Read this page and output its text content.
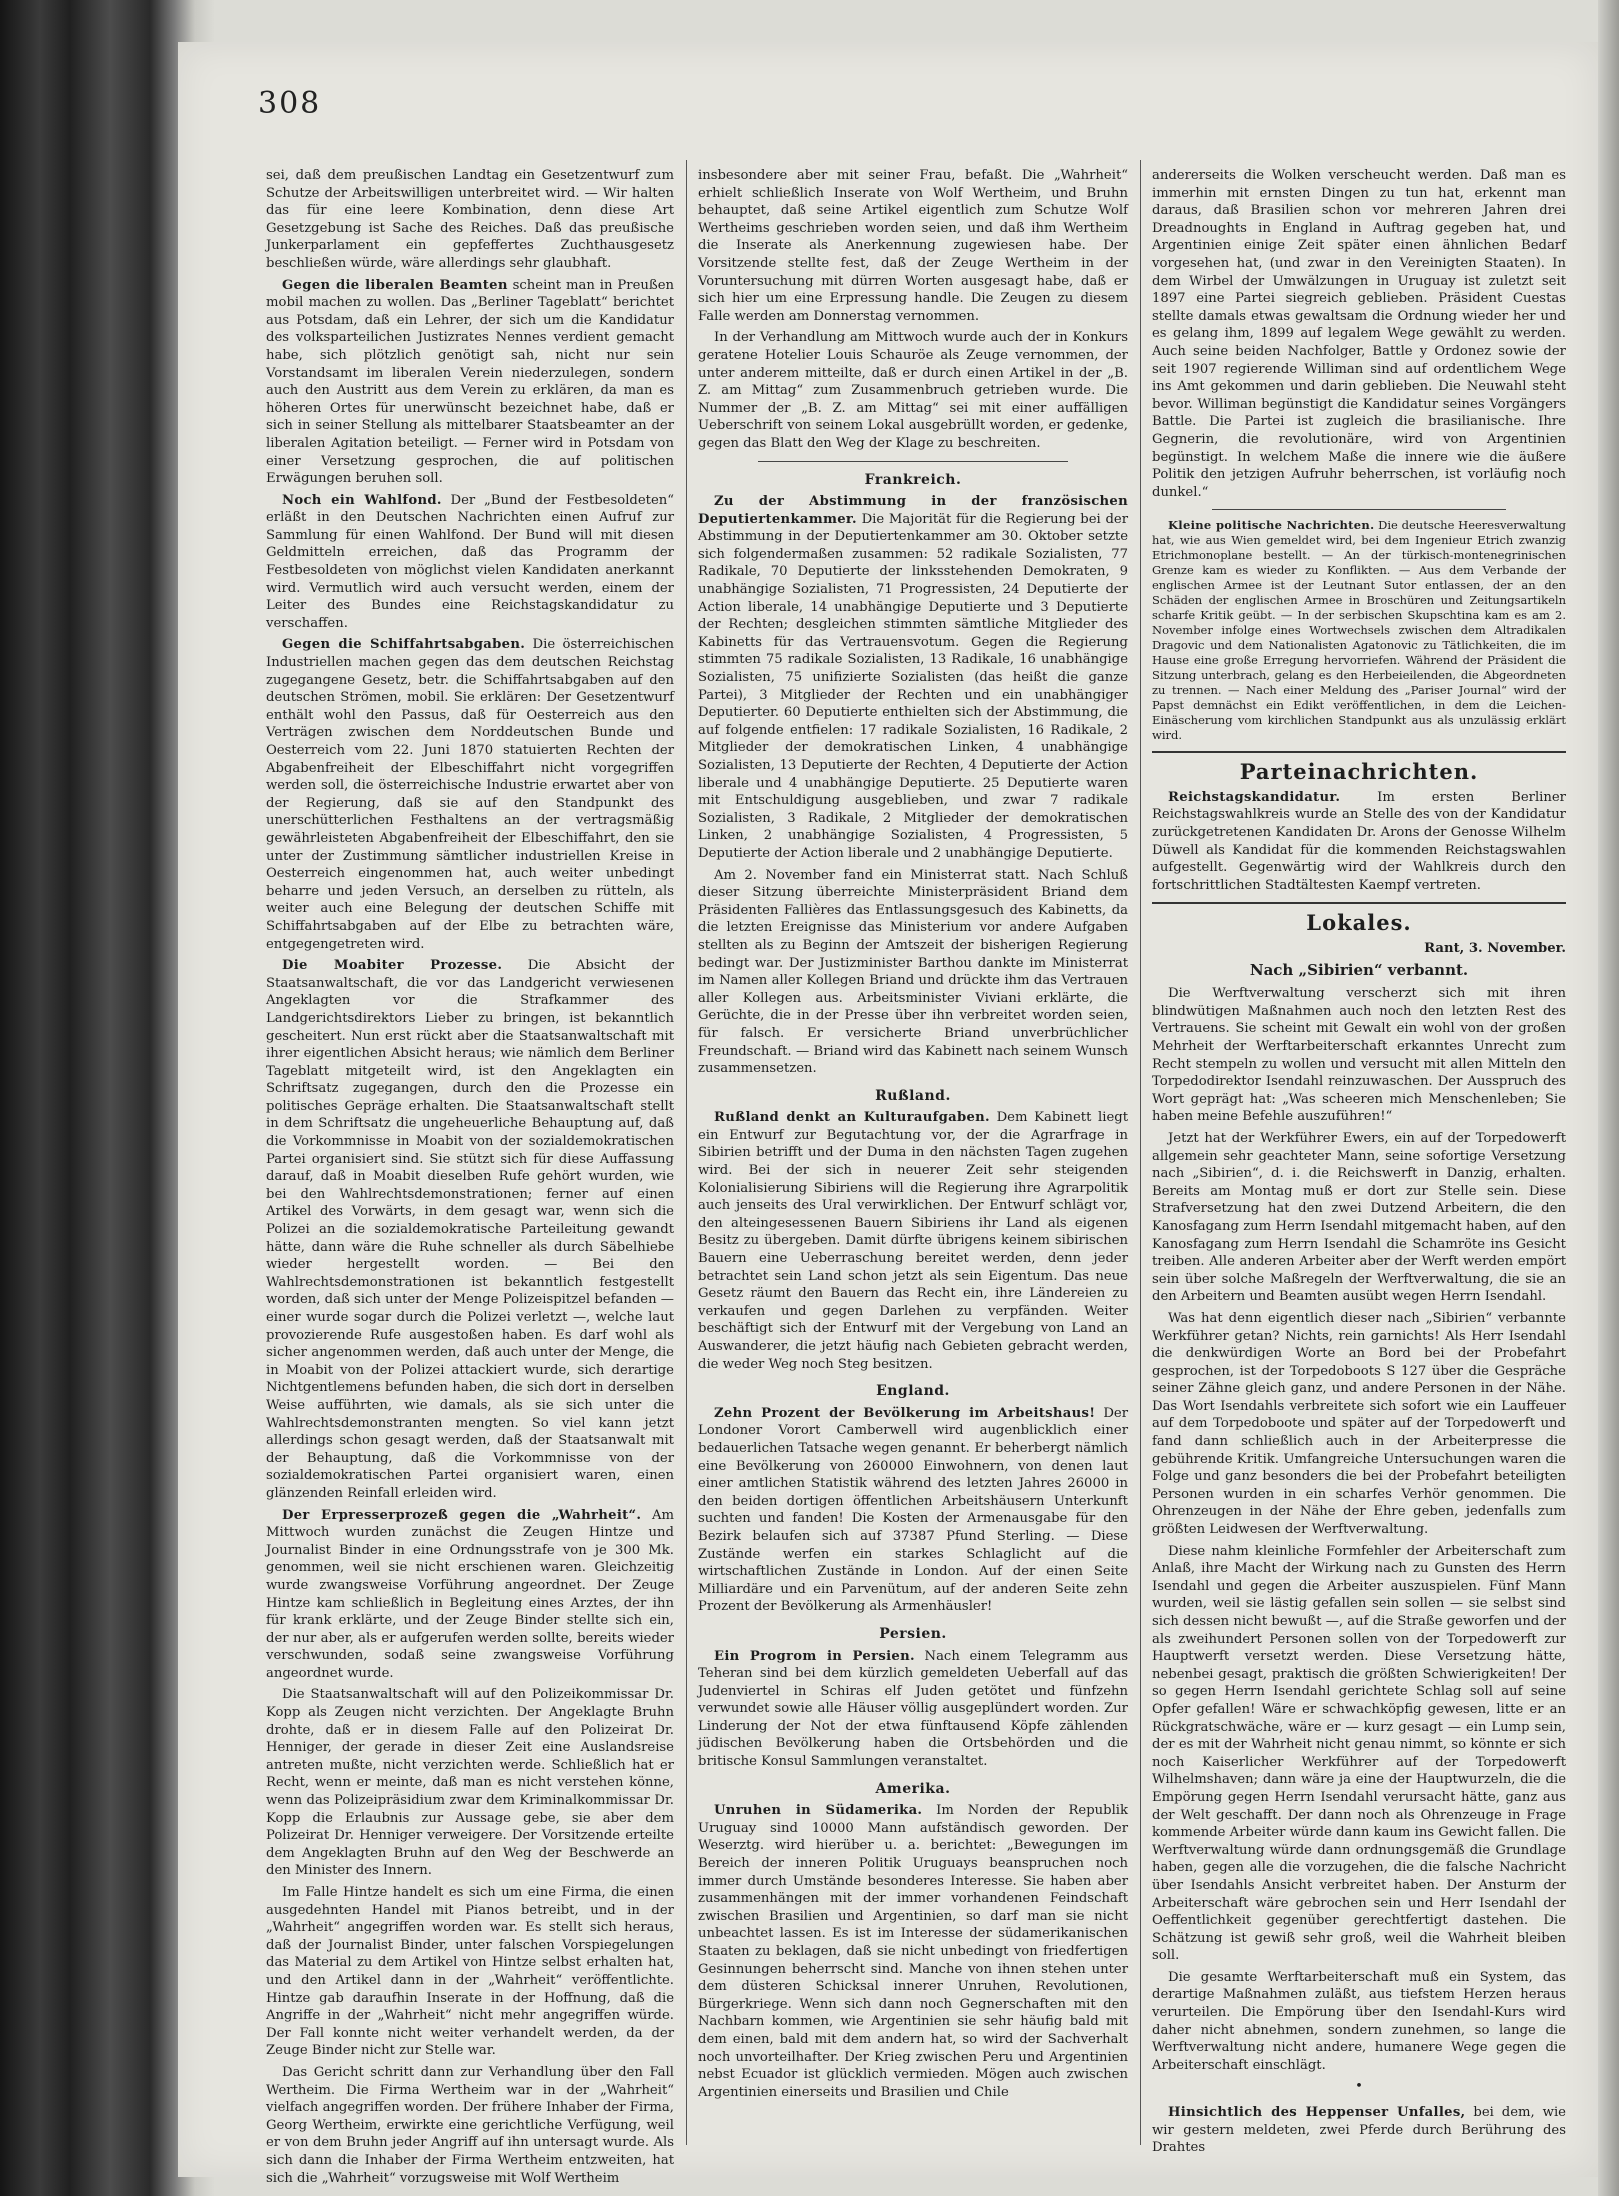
308

sei, daß dem preußischen Landtag ein Gesetzentwurf zum Schutze der Arbeitswilligen unterbreitet wird. — Wir halten das für eine leere Kombination, denn diese Art Gesetzgebung ist Sache des Reiches. Daß das preußische Junkerparlament ein gepfeffertes Zuchthausgesetz beschließen würde, wäre allerdings sehr glaubhaft.

Gegen die liberalen Beamten scheint man in Preußen mobil machen zu wollen. Das „Berliner Tageblatt“ berichtet aus Potsdam, daß ein Lehrer, der sich um die Kandidatur des volksparteilichen Justizrates Nennes verdient gemacht habe, sich plötzlich genötigt sah, nicht nur sein Vorstandsamt im liberalen Verein niederzulegen, sondern auch den Austritt aus dem Verein zu erklären, da man es höheren Ortes für unerwünscht bezeichnet habe, daß er sich in seiner Stellung als mittelbarer Staatsbeamter an der liberalen Agitation beteiligt. — Ferner wird in Potsdam von einer Versetzung gesprochen, die auf politischen Erwägungen beruhen soll.

Noch ein Wahlfond. Der „Bund der Festbesoldeten“ erläßt in den Deutschen Nachrichten einen Aufruf zur Sammlung für einen Wahlfond. Der Bund will mit diesen Geldmitteln erreichen, daß das Programm der Festbesoldeten von möglichst vielen Kandidaten anerkannt wird. Vermutlich wird auch versucht werden, einem der Leiter des Bundes eine Reichstagskandidatur zu verschaffen.

Gegen die Schiffahrtsabgaben. Die österreichischen Industriellen machen gegen das dem deutschen Reichstag zugegangene Gesetz, betr. die Schiffahrtsabgaben auf den deutschen Strömen, mobil. Sie erklären: Der Gesetzentwurf enthält wohl den Passus, daß für Oesterreich aus den Verträgen zwischen dem Norddeutschen Bunde und Oesterreich vom 22. Juni 1870 statuierten Rechten der Abgabenfreiheit der Elbeschiffahrt nicht vorgegriffen werden soll, die österreichische Industrie erwartet aber von der Regierung, daß sie auf den Standpunkt des unerschütterlichen Festhaltens an der vertragsmäßig gewährleisteten Abgabenfreiheit der Elbeschiffahrt, den sie unter der Zustimmung sämtlicher industriellen Kreise in Oesterreich eingenommen hat, auch weiter unbedingt beharre und jeden Versuch, an derselben zu rütteln, als weiter auch eine Belegung der deutschen Schiffe mit Schiffahrtsabgaben auf der Elbe zu betrachten wäre, entgegengetreten wird.

Die Moabiter Prozesse. Die Absicht der Staatsanwaltschaft, die vor das Landgericht verwiesenen Angeklagten vor die Strafkammer des Landgerichtsdirektors Lieber zu bringen, ist bekanntlich gescheitert. Nun erst rückt aber die Staatsanwaltschaft mit ihrer eigentlichen Absicht heraus; wie nämlich dem Berliner Tageblatt mitgeteilt wird, ist den Angeklagten ein Schriftsatz zugegangen, durch den die Prozesse ein politisches Gepräge erhalten. Die Staatsanwaltschaft stellt in dem Schriftsatz die ungeheuerliche Behauptung auf, daß die Vorkommnisse in Moabit von der sozialdemokratischen Partei organisiert sind. Sie stützt sich für diese Auffassung darauf, daß in Moabit dieselben Rufe gehört wurden, wie bei den Wahlrechtsdemonstrationen; ferner auf einen Artikel des Vorwärts, in dem gesagt war, wenn sich die Polizei an die sozialdemokratische Parteileitung gewandt hätte, dann wäre die Ruhe schneller als durch Säbelhiebe wieder hergestellt worden. — Bei den Wahlrechtsdemonstrationen ist bekanntlich festgestellt worden, daß sich unter der Menge Polizeispitzel befanden — einer wurde sogar durch die Polizei verletzt —, welche laut provozierende Rufe ausgestoßen haben. Es darf wohl als sicher angenommen werden, daß auch unter der Menge, die in Moabit von der Polizei attackiert wurde, sich derartige Nichtgentlemens befunden haben, die sich dort in derselben Weise aufführten, wie damals, als sie sich unter die Wahlrechtsdemonstranten mengten. So viel kann jetzt allerdings schon gesagt werden, daß der Staatsanwalt mit der Behauptung, daß die Vorkommnisse von der sozialdemokratischen Partei organisiert waren, einen glänzenden Reinfall erleiden wird.

Der Erpresserprozeß gegen die „Wahrheit“. Am Mittwoch wurden zunächst die Zeugen Hintze und Journalist Binder in eine Ordnungsstrafe von je 300 Mk. genommen, weil sie nicht erschienen waren. Gleichzeitig wurde zwangsweise Vorführung angeordnet. Der Zeuge Hintze kam schließlich in Begleitung eines Arztes, der ihn für krank erklärte, und der Zeuge Binder stellte sich ein, der nur aber, als er aufgerufen werden sollte, bereits wieder verschwunden, sodaß seine zwangsweise Vorführung angeordnet wurde.

Die Staatsanwaltschaft will auf den Polizeikommissar Dr. Kopp als Zeugen nicht verzichten. Der Angeklagte Bruhn drohte, daß er in diesem Falle auf den Polizeirat Dr. Henniger, der gerade in dieser Zeit eine Auslandsreise antreten mußte, nicht verzichten werde. Schließlich hat er Recht, wenn er meinte, daß man es nicht verstehen könne, wenn das Polizeipräsidium zwar dem Kriminalkommissar Dr. Kopp die Erlaubnis zur Aussage gebe, sie aber dem Polizeirat Dr. Henniger verweigere. Der Vorsitzende erteilte dem Angeklagten Bruhn auf den Weg der Beschwerde an den Minister des Innern.

Im Falle Hintze handelt es sich um eine Firma, die einen ausgedehnten Handel mit Pianos betreibt, und in der „Wahrheit“ angegriffen worden war. Es stellt sich heraus, daß der Journalist Binder, unter falschen Vorspiegelungen das Material zu dem Artikel von Hintze selbst erhalten hat, und den Artikel dann in der „Wahrheit“ veröffentlichte. Hintze gab daraufhin Inserate in der Hoffnung, daß die Angriffe in der „Wahrheit“ nicht mehr angegriffen würde. Der Fall konnte nicht weiter verhandelt werden, da der Zeuge Binder nicht zur Stelle war.

Das Gericht schritt dann zur Verhandlung über den Fall Wertheim. Die Firma Wertheim war in der „Wahrheit“ vielfach angegriffen worden. Der frühere Inhaber der Firma, Georg Wertheim, erwirkte eine gerichtliche Verfügung, weil er von dem Bruhn jeder Angriff auf ihn untersagt wurde. Als sich dann die Inhaber der Firma Wertheim entzweiten, hat sich die „Wahrheit“ vorzugsweise mit Wolf Wertheim

insbesondere aber mit seiner Frau, befaßt. Die „Wahrheit“ erhielt schließlich Inserate von Wolf Wertheim, und Bruhn behauptet, daß seine Artikel eigentlich zum Schutze Wolf Wertheims geschrieben worden seien, und daß ihm Wertheim die Inserate als Anerkennung zugewiesen habe. Der Vorsitzende stellte fest, daß der Zeuge Wertheim in der Voruntersuchung mit dürren Worten ausgesagt habe, daß er sich hier um eine Erpressung handle. Die Zeugen zu diesem Falle werden am Donnerstag vernommen.

In der Verhandlung am Mittwoch wurde auch der in Konkurs geratene Hotelier Louis Schauröe als Zeuge vernommen, der unter anderem mitteilte, daß er durch einen Artikel in der „B. Z. am Mittag“ zum Zusammenbruch getrieben wurde. Die Nummer der „B. Z. am Mittag“ sei mit einer auffälligen Ueberschrift von seinem Lokal ausgebrüllt worden, er gedenke, gegen das Blatt den Weg der Klage zu beschreiten.

Frankreich.

Zu der Abstimmung in der französischen Deputiertenkammer. Die Majorität für die Regierung bei der Abstimmung in der Deputiertenkammer am 30. Oktober setzte sich folgendermaßen zusammen: 52 radikale Sozialisten, 77 Radikale, 70 Deputierte der linksstehenden Demokraten, 9 unabhängige Sozialisten, 71 Progressisten, 24 Deputierte der Action liberale, 14 unabhängige Deputierte und 3 Deputierte der Rechten; desgleichen stimmten sämtliche Mitglieder des Kabinetts für das Vertrauensvotum. Gegen die Regierung stimmten 75 radikale Sozialisten, 13 Radikale, 16 unabhängige Sozialisten, 75 unifizierte Sozialisten (das heißt die ganze Partei), 3 Mitglieder der Rechten und ein unabhängiger Deputierter. 60 Deputierte enthielten sich der Abstimmung, die auf folgende entfielen: 17 radikale Sozialisten, 16 Radikale, 2 Mitglieder der demokratischen Linken, 4 unabhängige Sozialisten, 13 Deputierte der Rechten, 4 Deputierte der Action liberale und 4 unabhängige Deputierte. 25 Deputierte waren mit Entschuldigung ausgeblieben, und zwar 7 radikale Sozialisten, 3 Radikale, 2 Mitglieder der demokratischen Linken, 2 unabhängige Sozialisten, 4 Progressisten, 5 Deputierte der Action liberale und 2 unabhängige Deputierte.

Am 2. November fand ein Ministerrat statt. Nach Schluß dieser Sitzung überreichte Ministerpräsident Briand dem Präsidenten Fallières das Entlassungsgesuch des Kabinetts, da die letzten Ereignisse das Ministerium vor andere Aufgaben stellten als zu Beginn der Amtszeit der bisherigen Regierung bedingt war. Der Justizminister Barthou dankte im Ministerrat im Namen aller Kollegen Briand und drückte ihm das Vertrauen aller Kollegen aus. Arbeitsminister Viviani erklärte, die Gerüchte, die in der Presse über ihn verbreitet worden seien, für falsch. Er versicherte Briand unverbrüchlicher Freundschaft. — Briand wird das Kabinett nach seinem Wunsch zusammensetzen.

Rußland.

Rußland denkt an Kulturaufgaben. Dem Kabinett liegt ein Entwurf zur Begutachtung vor, der die Agrarfrage in Sibirien betrifft und der Duma in den nächsten Tagen zugehen wird. Bei der sich in neuerer Zeit sehr steigenden Kolonialisierung Sibiriens will die Regierung ihre Agrarpolitik auch jenseits des Ural verwirklichen. Der Entwurf schlägt vor, den alteingesessenen Bauern Sibiriens ihr Land als eigenen Besitz zu übergeben. Damit dürfte übrigens keinem sibirischen Bauern eine Ueberraschung bereitet werden, denn jeder betrachtet sein Land schon jetzt als sein Eigentum. Das neue Gesetz räumt den Bauern das Recht ein, ihre Ländereien zu verkaufen und gegen Darlehen zu verpfänden. Weiter beschäftigt sich der Entwurf mit der Vergebung von Land an Auswanderer, die jetzt häufig nach Gebieten gebracht werden, die weder Weg noch Steg besitzen.

England.

Zehn Prozent der Bevölkerung im Arbeitshaus! Der Londoner Vorort Camberwell wird augenblicklich einer bedauerlichen Tatsache wegen genannt. Er beherbergt nämlich eine Bevölkerung von 260000 Einwohnern, von denen laut einer amtlichen Statistik während des letzten Jahres 26000 in den beiden dortigen öffentlichen Arbeitshäusern Unterkunft suchten und fanden! Die Kosten der Armenausgabe für den Bezirk belaufen sich auf 37387 Pfund Sterling. — Diese Zustände werfen ein starkes Schlaglicht auf die wirtschaftlichen Zustände in London. Auf der einen Seite Milliardäre und ein Parvenütum, auf der anderen Seite zehn Prozent der Bevölkerung als Armenhäusler!

Persien.

Ein Progrom in Persien. Nach einem Telegramm aus Teheran sind bei dem kürzlich gemeldeten Ueberfall auf das Judenviertel in Schiras elf Juden getötet und fünfzehn verwundet sowie alle Häuser völlig ausgeplündert worden. Zur Linderung der Not der etwa fünftausend Köpfe zählenden jüdischen Bevölkerung haben die Ortsbehörden und die britische Konsul Sammlungen veranstaltet.

Amerika.

Unruhen in Südamerika. Im Norden der Republik Uruguay sind 10000 Mann aufständisch geworden. Der Weserztg. wird hierüber u. a. berichtet: „Bewegungen im Bereich der inneren Politik Uruguays beanspruchen noch immer durch Umstände besonderes Interesse. Sie haben aber zusammenhängen mit der immer vorhandenen Feindschaft zwischen Brasilien und Argentinien, so darf man sie nicht unbeachtet lassen. Es ist im Interesse der südamerikanischen Staaten zu beklagen, daß sie nicht unbedingt von friedfertigen Gesinnungen beherrscht sind. Manche von ihnen stehen unter dem düsteren Schicksal innerer Unruhen, Revolutionen, Bürgerkriege. Wenn sich dann noch Gegnerschaften mit den Nachbarn kommen, wie Argentinien sie sehr häufig bald mit dem einen, bald mit dem andern hat, so wird der Sachverhalt noch unvorteilhafter. Der Krieg zwischen Peru und Argentinien nebst Ecuador ist glücklich vermieden. Mögen auch zwischen Argentinien einerseits und Brasilien und Chile

andererseits die Wolken verscheucht werden. Daß man es immerhin mit ernsten Dingen zu tun hat, erkennt man daraus, daß Brasilien schon vor mehreren Jahren drei Dreadnoughts in England in Auftrag gegeben hat, und Argentinien einige Zeit später einen ähnlichen Bedarf vorgesehen hat, (und zwar in den Vereinigten Staaten). In dem Wirbel der Umwälzungen in Uruguay ist zuletzt seit 1897 eine Partei siegreich geblieben. Präsident Cuestas stellte damals etwas gewaltsam die Ordnung wieder her und es gelang ihm, 1899 auf legalem Wege gewählt zu werden. Auch seine beiden Nachfolger, Battle y Ordonez sowie der seit 1907 regierende Williman sind auf ordentlichem Wege ins Amt gekommen und darin geblieben. Die Neuwahl steht bevor. Williman begünstigt die Kandidatur seines Vorgängers Battle. Die Partei ist zugleich die brasilianische. Ihre Gegnerin, die revolutionäre, wird von Argentinien begünstigt. In welchem Maße die innere wie die äußere Politik den jetzigen Aufruhr beherrschen, ist vorläufig noch dunkel.“

Kleine politische Nachrichten. Die deutsche Heeresverwaltung hat, wie aus Wien gemeldet wird, bei dem Ingenieur Etrich zwanzig Etrichmonoplane bestellt. — An der türkisch-montenegrinischen Grenze kam es wieder zu Konflikten. — Aus dem Verbande der englischen Armee ist der Leutnant Sutor entlassen, der an den Schäden der englischen Armee in Broschüren und Zeitungsartikeln scharfe Kritik geübt. — In der serbischen Skupschtina kam es am 2. November infolge eines Wortwechsels zwischen dem Altradikalen Dragovic und dem Nationalisten Agatonovic zu Tätlichkeiten, die im Hause eine große Erregung hervorriefen. Während der Präsident die Sitzung unterbrach, gelang es den Herbeieilenden, die Abgeordneten zu trennen. — Nach einer Meldung des „Pariser Journal“ wird der Papst demnächst ein Edikt veröffentlichen, in dem die Leichen-Einäscherung vom kirchlichen Standpunkt aus als unzulässig erklärt wird.

Parteinachrichten.

Reichstagskandidatur. Im ersten Berliner Reichstagswahlkreis wurde an Stelle des von der Kandidatur zurückgetretenen Kandidaten Dr. Arons der Genosse Wilhelm Düwell als Kandidat für die kommenden Reichstagswahlen aufgestellt. Gegenwärtig wird der Wahlkreis durch den fortschrittlichen Stadtältesten Kaempf vertreten.

Lokales.
Rant, 3. November.
Nach „Sibirien“ verbannt.

Die Werftverwaltung verscherzt sich mit ihren blindwütigen Maßnahmen auch noch den letzten Rest des Vertrauens. Sie scheint mit Gewalt ein wohl von der großen Mehrheit der Werftarbeiterschaft erkanntes Unrecht zum Recht stempeln zu wollen und versucht mit allen Mitteln den Torpedodirektor Isendahl reinzuwaschen. Der Ausspruch des Wort geprägt hat: „Was scheeren mich Menschenleben; Sie haben meine Befehle auszuführen!“

Jetzt hat der Werkführer Ewers, ein auf der Torpedowerft allgemein sehr geachteter Mann, seine sofortige Versetzung nach „Sibirien“, d. i. die Reichswerft in Danzig, erhalten. Bereits am Montag muß er dort zur Stelle sein. Diese Strafversetzung hat den zwei Dutzend Arbeitern, die den Kanosfagang zum Herrn Isendahl mitgemacht haben, auf den Kanosfagang zum Herrn Isendahl die Schamröte ins Gesicht treiben. Alle anderen Arbeiter aber der Werft werden empört sein über solche Maßregeln der Werftverwaltung, die sie an den Arbeitern und Beamten ausübt wegen Herrn Isendahl.

Was hat denn eigentlich dieser nach „Sibirien“ verbannte Werkführer getan? Nichts, rein garnichts! Als Herr Isendahl die denkwürdigen Worte an Bord bei der Probefahrt gesprochen, ist der Torpedoboots S 127 über die Gespräche seiner Zähne gleich ganz, und andere Personen in der Nähe. Das Wort Isendahls verbreitete sich sofort wie ein Lauffeuer auf dem Torpedoboote und später auf der Torpedowerft und fand dann schließlich auch in der Arbeiterpresse die gebührende Kritik. Umfangreiche Untersuchungen waren die Folge und ganz besonders die bei der Probefahrt beteiligten Personen wurden in ein scharfes Verhör genommen. Die Ohrenzeugen in der Nähe der Ehre geben, jedenfalls zum größten Leidwesen der Werftverwaltung.

Diese nahm kleinliche Formfehler der Arbeiterschaft zum Anlaß, ihre Macht der Wirkung nach zu Gunsten des Herrn Isendahl und gegen die Arbeiter auszuspielen. Fünf Mann wurden, weil sie lästig gefallen sein sollen — sie selbst sind sich dessen nicht bewußt —, auf die Straße geworfen und der als zweihundert Personen sollen von der Torpedowerft zur Hauptwerft versetzt werden. Diese Versetzung hätte, nebenbei gesagt, praktisch die größten Schwierigkeiten! Der so gegen Herrn Isendahl gerichtete Schlag soll auf seine Opfer gefallen! Wäre er schwachköpfig gewesen, litte er an Rückgratschwäche, wäre er — kurz gesagt — ein Lump sein, der es mit der Wahrheit nicht genau nimmt, so könnte er sich noch Kaiserlicher Werkführer auf der Torpedowerft Wilhelmshaven; dann wäre ja eine der Hauptwurzeln, die die Empörung gegen Herrn Isendahl verursacht hätte, ganz aus der Welt geschafft. Der dann noch als Ohrenzeuge in Frage kommende Arbeiter würde dann kaum ins Gewicht fallen. Die Werftverwaltung würde dann ordnungsgemäß die Grundlage haben, gegen alle die vorzugehen, die die falsche Nachricht über Isendahls Ansicht verbreitet haben. Der Ansturm der Arbeiterschaft wäre gebrochen sein und Herr Isendahl der Oeffentlichkeit gegenüber gerechtfertigt dastehen. Die Schätzung ist gewiß sehr groß, weil die Wahrheit bleiben soll.

Die gesamte Werftarbeiterschaft muß ein System, das derartige Maßnahmen zuläßt, aus tiefstem Herzen heraus verurteilen. Die Empörung über den Isendahl-Kurs wird daher nicht abnehmen, sondern zunehmen, so lange die Werftverwaltung nicht andere, humanere Wege gegen die Arbeiterschaft einschlägt.

•

Hinsichtlich des Heppenser Unfalles, bei dem, wie wir gestern meldeten, zwei Pferde durch Berührung des Drahtes
